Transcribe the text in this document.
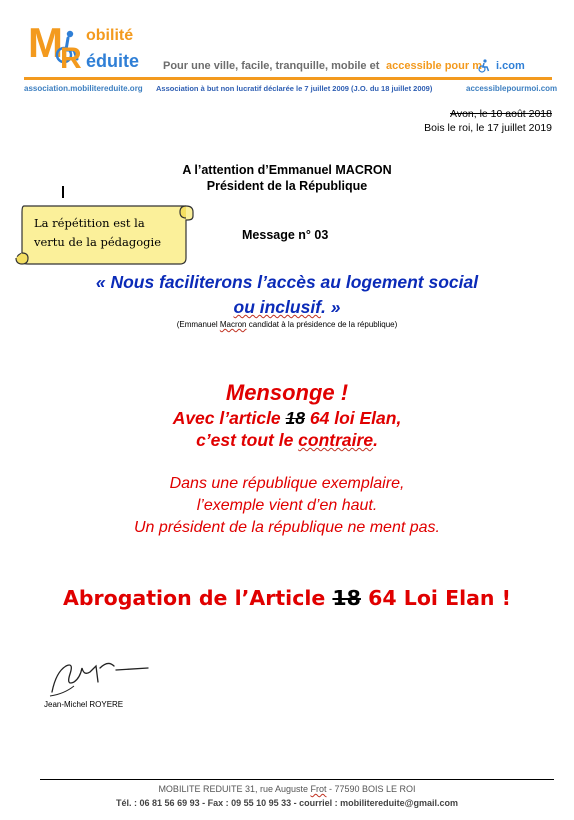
M
R
obilité
éduite Pour une ville, facile, tranquille, mobile et accessible pour m i.com
association.mobilitereduite.org Association à but non lucratif déclarée le 7 juillet 2009 (J.O. du 18 juillet 2009)	accessiblepourmoi.com
Avon, le 10 août 2018
Bois le roi, le 17 juillet 2019
A l’attention d’Emmanuel MACRON
Président de la République
La répétition est la
vertu de la pédagogie	Message n° 03
« Nous faciliterons l’accès au logement social
ou inclusif. »
(Emmanuel Macron candidat à la présidence de la république)
Mensonge !
Avec l’article 18 64 loi Elan,
c’est tout le contraire.
Dans une république exemplaire,
l’exemple vient d’en haut.
Un président de la république ne ment pas.
Abrogation de l’Article 18 64 Loi Elan !
Jean-Michel ROYERE
MOBILITE REDUITE 31, rue Auguste Frot - 77590 BOIS LE ROI
Tél. : 06 81 56 69 93 - Fax : 09 55 10 95 33 - courriel : mobilitereduite@gmail.com
